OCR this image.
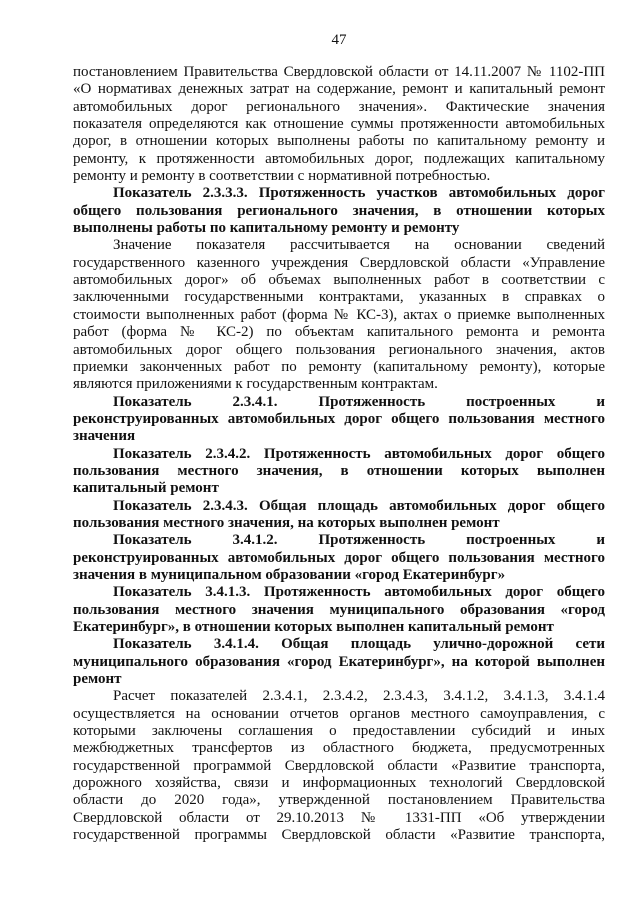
47
постановлением Правительства Свердловской области от 14.11.2007 № 1102-ПП
«О нормативах денежных затрат на содержание, ремонт и капитальный ремонт
автомобильных дорог регионального значения». Фактические значения
показателя определяются как отношение суммы протяженности автомобильных
дорог, в отношении которых выполнены работы по капитальному ремонту и
ремонту, к протяженности автомобильных дорог, подлежащих капитальному
ремонту и ремонту в соответствии с нормативной потребностью.
Показатель 2.3.3.3. Протяженность участков автомобильных дорог
общего пользования регионального значения, в отношении которых
выполнены работы по капитальному ремонту и ремонту
Значение показателя рассчитывается на основании сведений
государственного казенного учреждения Свердловской области «Управление
автомобильных дорог» об объемах выполненных работ в соответствии с
заключенными государственными контрактами, указанных в справках о
стоимости выполненных работ (форма № КС-3), актах о приемке выполненных
работ (форма № КС-2) по объектам капитального ремонта и ремонта
автомобильных дорог общего пользования регионального значения, актов
приемки законченных работ по ремонту (капитальному ремонту), которые
являются приложениями к государственным контрактам.
Показатель 2.3.4.1. Протяженность построенных и
реконструированных автомобильных дорог общего пользования местного
значения
Показатель 2.3.4.2. Протяженность автомобильных дорог общего
пользования местного значения, в отношении которых выполнен
капитальный ремонт
Показатель 2.3.4.3. Общая площадь автомобильных дорог общего
пользования местного значения, на которых выполнен ремонт
Показатель 3.4.1.2. Протяженность построенных и
реконструированных автомобильных дорог общего пользования местного
значения в муниципальном образовании «город Екатеринбург»
Показатель 3.4.1.3. Протяженность автомобильных дорог общего
пользования местного значения муниципального образования «город
Екатеринбург», в отношении которых выполнен капитальный ремонт
Показатель 3.4.1.4. Общая площадь улично-дорожной сети
муниципального образования «город Екатеринбург», на которой выполнен
ремонт
Расчет показателей 2.3.4.1, 2.3.4.2, 2.3.4.3, 3.4.1.2, 3.4.1.3, 3.4.1.4
осуществляется на основании отчетов органов местного самоуправления, с
которыми заключены соглашения о предоставлении субсидий и иных
межбюджетных трансфертов из областного бюджета, предусмотренных
государственной программой Свердловской области «Развитие транспорта,
дорожного хозяйства, связи и информационных технологий Свердловской
области до 2020 года», утвержденной постановлением Правительства
Свердловской области от 29.10.2013 № 1331-ПП «Об утверждении
государственной программы Свердловской области «Развитие транспорта,
